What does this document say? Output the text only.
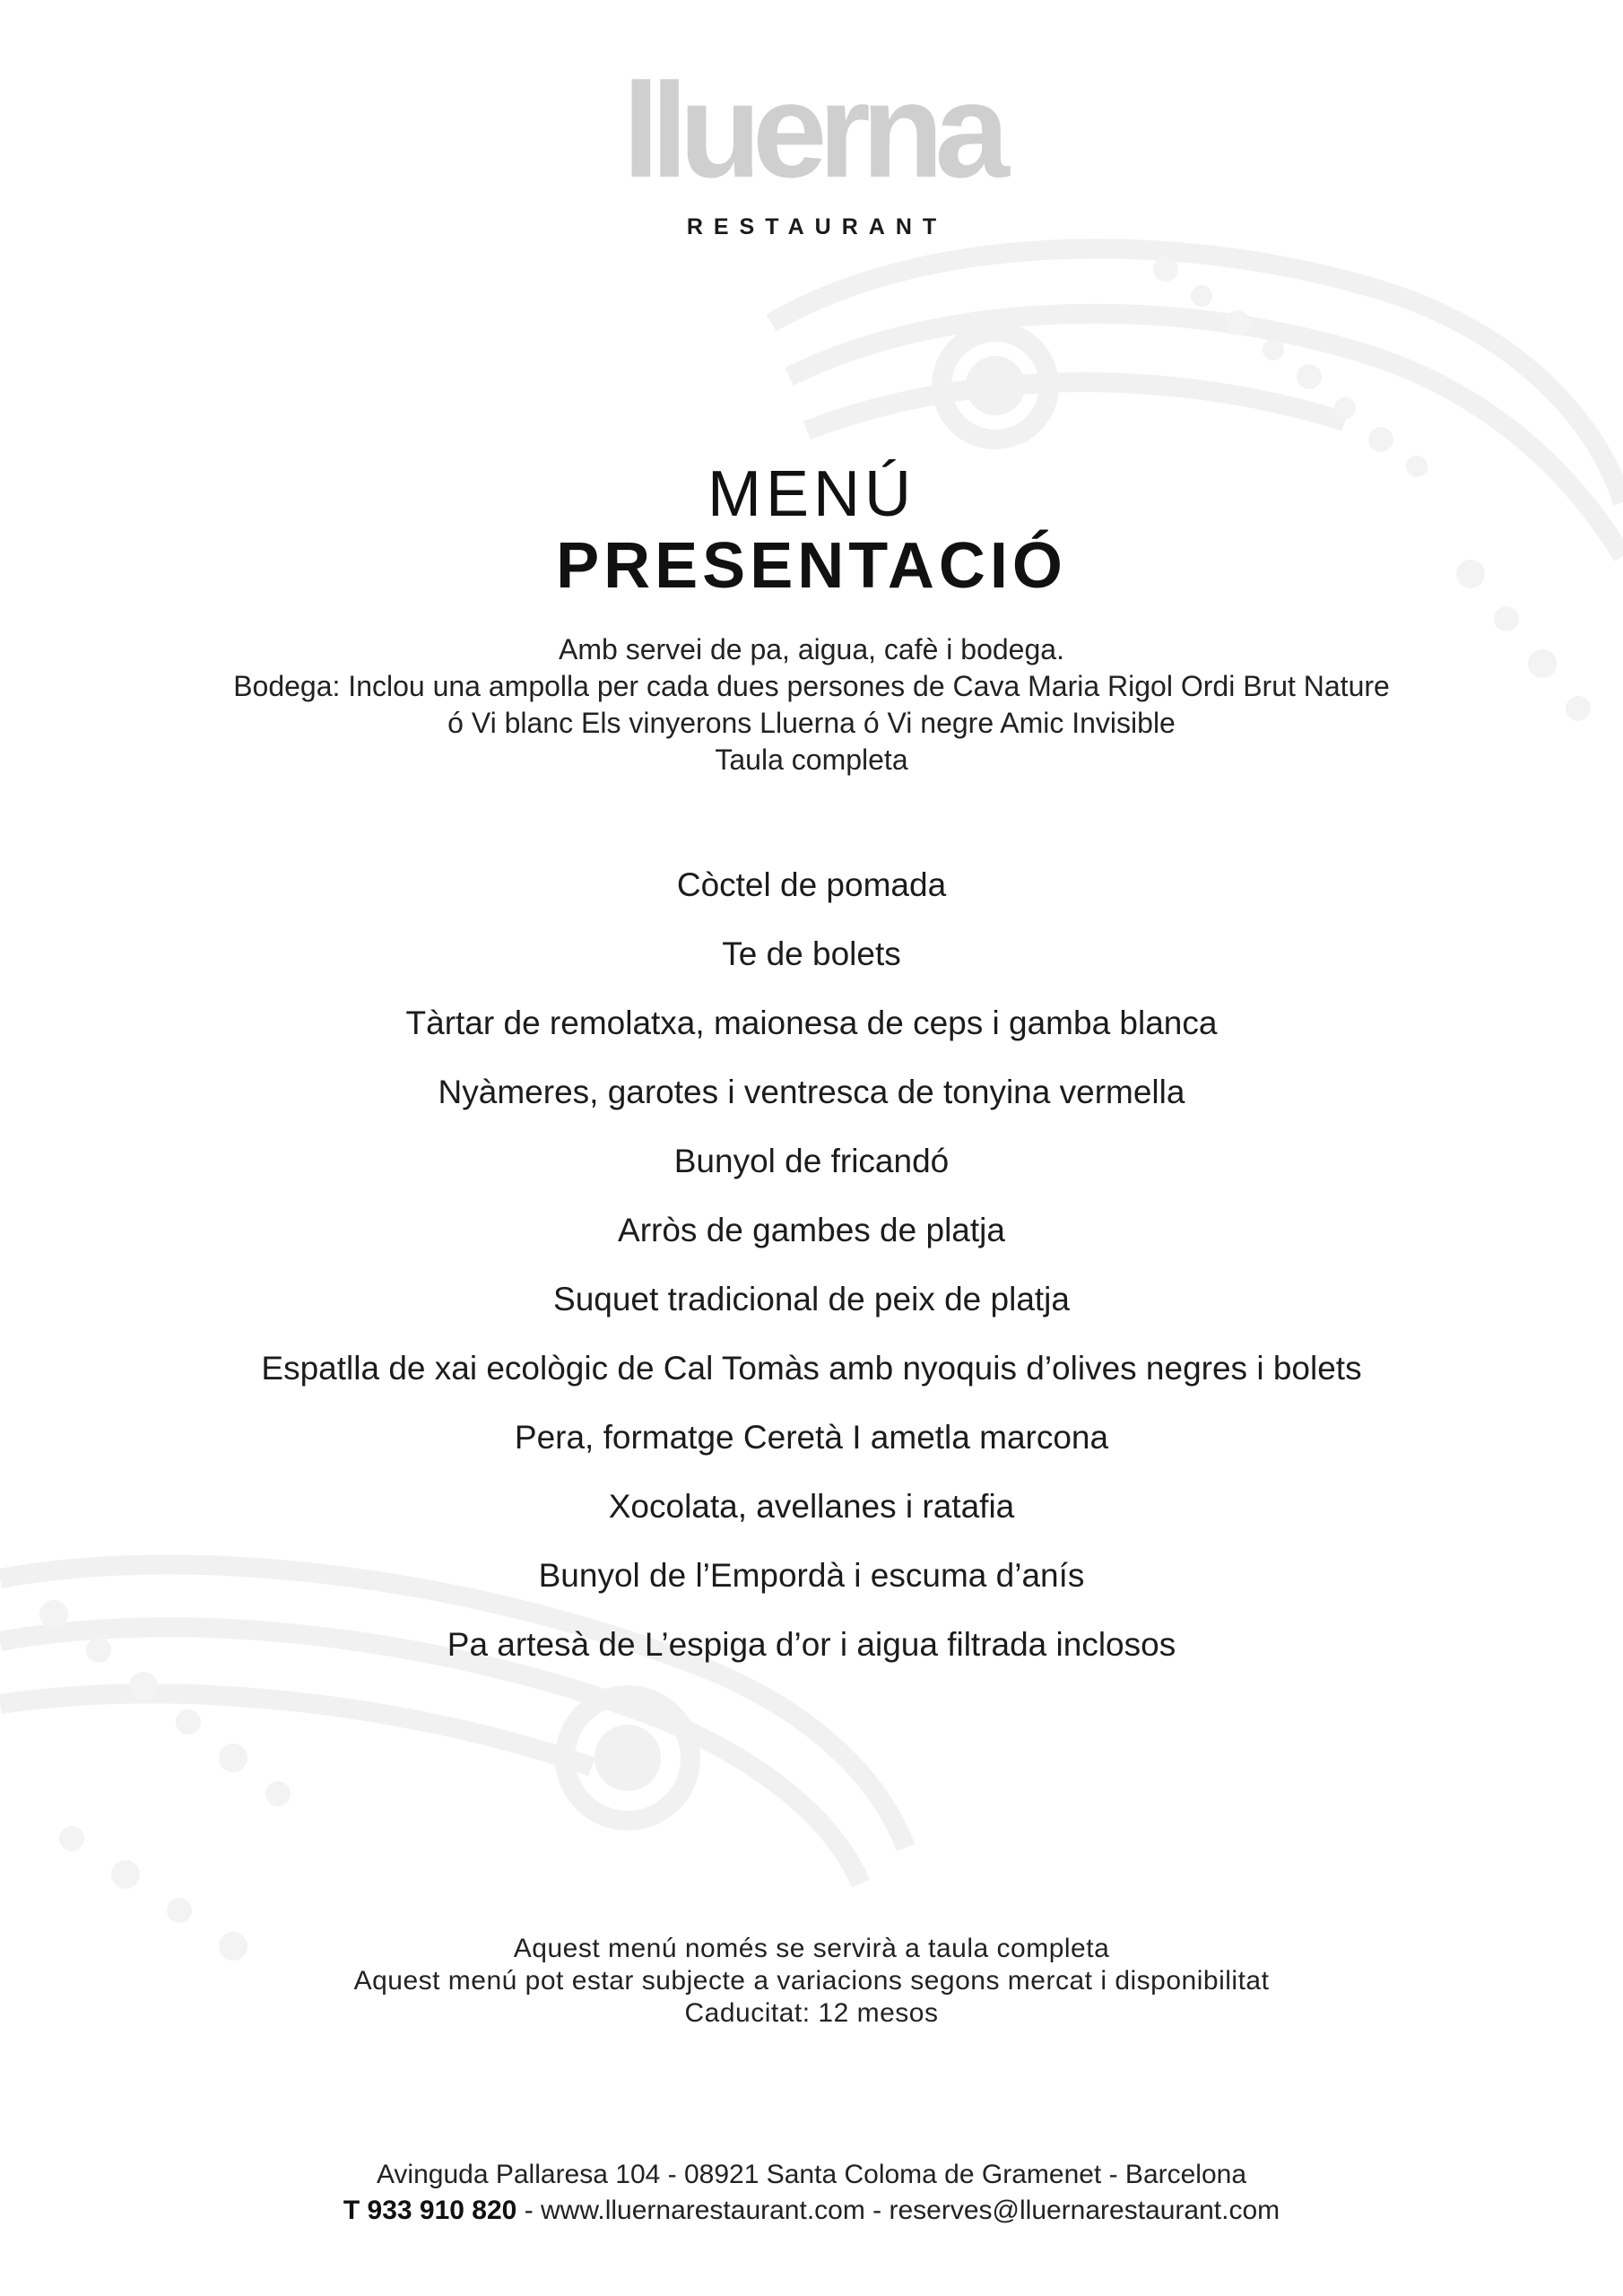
lluerna
RESTAURANT
MENÚ
PRESENTACIÓ
Amb servei de pa, aigua, cafè i bodega.
Bodega: Inclou una ampolla per cada dues persones de Cava Maria Rigol Ordi Brut Nature
ó Vi blanc Els vinyerons Lluerna ó Vi negre Amic Invisible
Taula completa
Còctel de pomada
Te de bolets
Tàrtar de remolatxa, maionesa de ceps i gamba blanca
Nyàmeres, garotes i ventresca de tonyina vermella
Bunyol de fricandó
Arròs de gambes de platja
Suquet tradicional de peix de platja
Espatlla de xai ecològic de Cal Tomàs amb nyoquis d’olives negres i bolets
Pera, formatge Ceretà I ametla marcona
Xocolata, avellanes i ratafia
Bunyol de l’Empordà i escuma d’anís
Pa artesà de L’espiga d’or i aigua filtrada inclosos
Aquest menú només se servirà a taula completa
Aquest menú pot estar subjecte a variacions segons mercat i disponibilitat
Caducitat: 12 mesos
Avinguda Pallaresa 104 - 08921 Santa Coloma de Gramenet - Barcelona
T 933 910 820 - www.lluernarestaurant.com - reserves@lluernarestaurant.com
